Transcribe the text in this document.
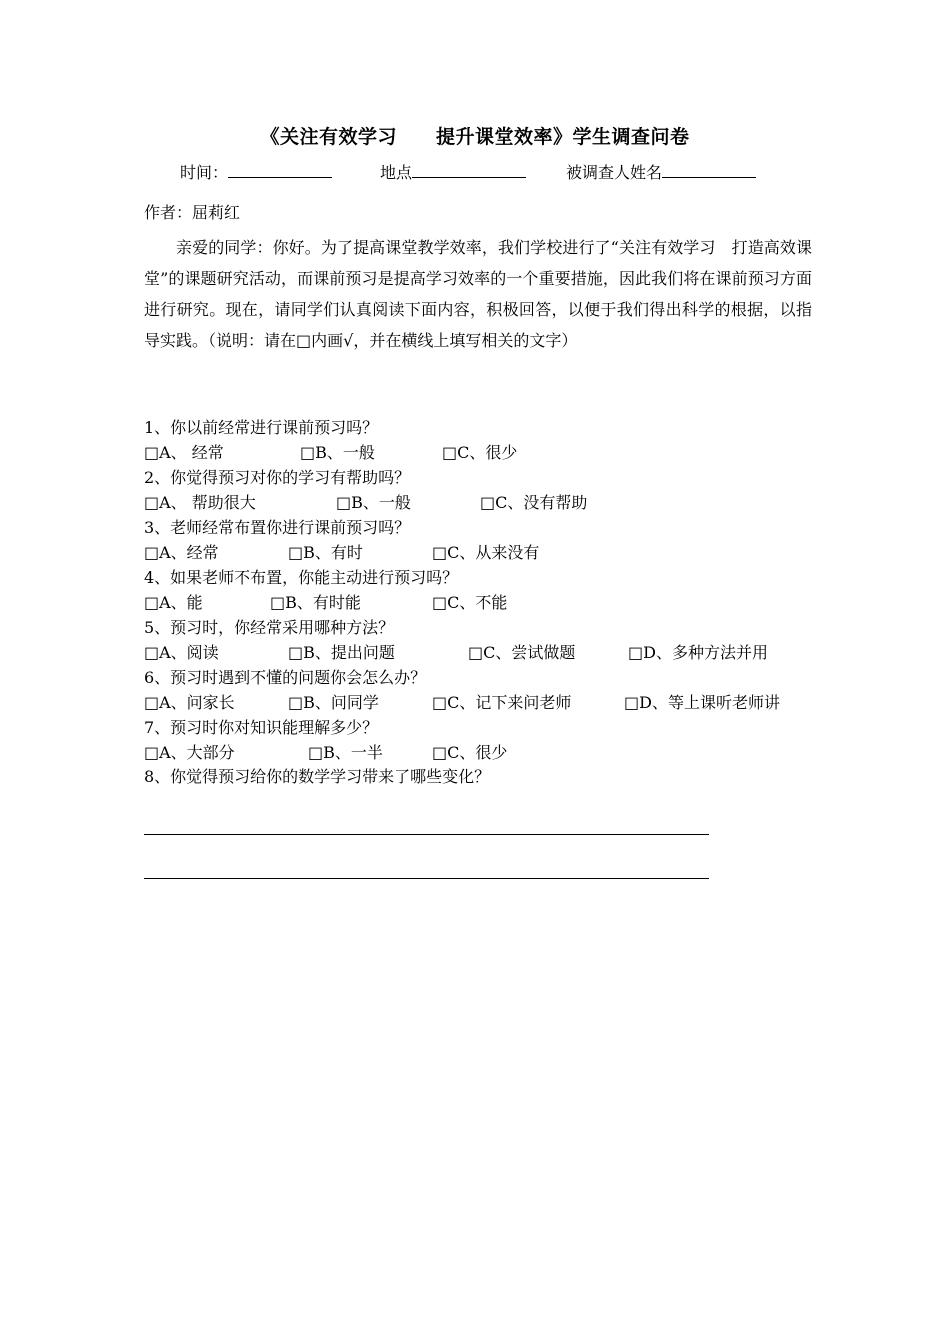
《关注有效学习　　提升课堂效率》学生调查问卷
时间：	地点	被调查人姓名
作者：屈莉红
亲爱的同学：你好。为了提高课堂教学效率，我们学校进行了“关注有效学习　打造高效课堂”的课题研究活动，而课前预习是提高学习效率的一个重要措施，因此我们将在课前预习方面进行研究。现在，请同学们认真阅读下面内容，积极回答，以便于我们得出科学的根据，以指导实践。（说明：请在□内画√，并在横线上填写相关的文字）
1、你以前经常进行课前预习吗？
□A、 经常	□B、一般	□C、很少
2、你觉得预习对你的学习有帮助吗？
□A、 帮助很大	□B、一般	□C、没有帮助
3、老师经常布置你进行课前预习吗？
□A、经常	□B、有时	□C、从来没有
4、如果老师不布置，你能主动进行预习吗？
□A、能	□B、有时能	□C、不能
5、预习时，你经常采用哪种方法？
□A、阅读	□B、提出问题	□C、尝试做题	□D、多种方法并用
6、预习时遇到不懂的问题你会怎么办？
□A、问家长	□B、问同学	□C、记下来问老师	□D、等上课听老师讲
7、预习时你对知识能理解多少？
□A、大部分	□B、一半	□C、很少
8、你觉得预习给你的数学学习带来了哪些变化？
